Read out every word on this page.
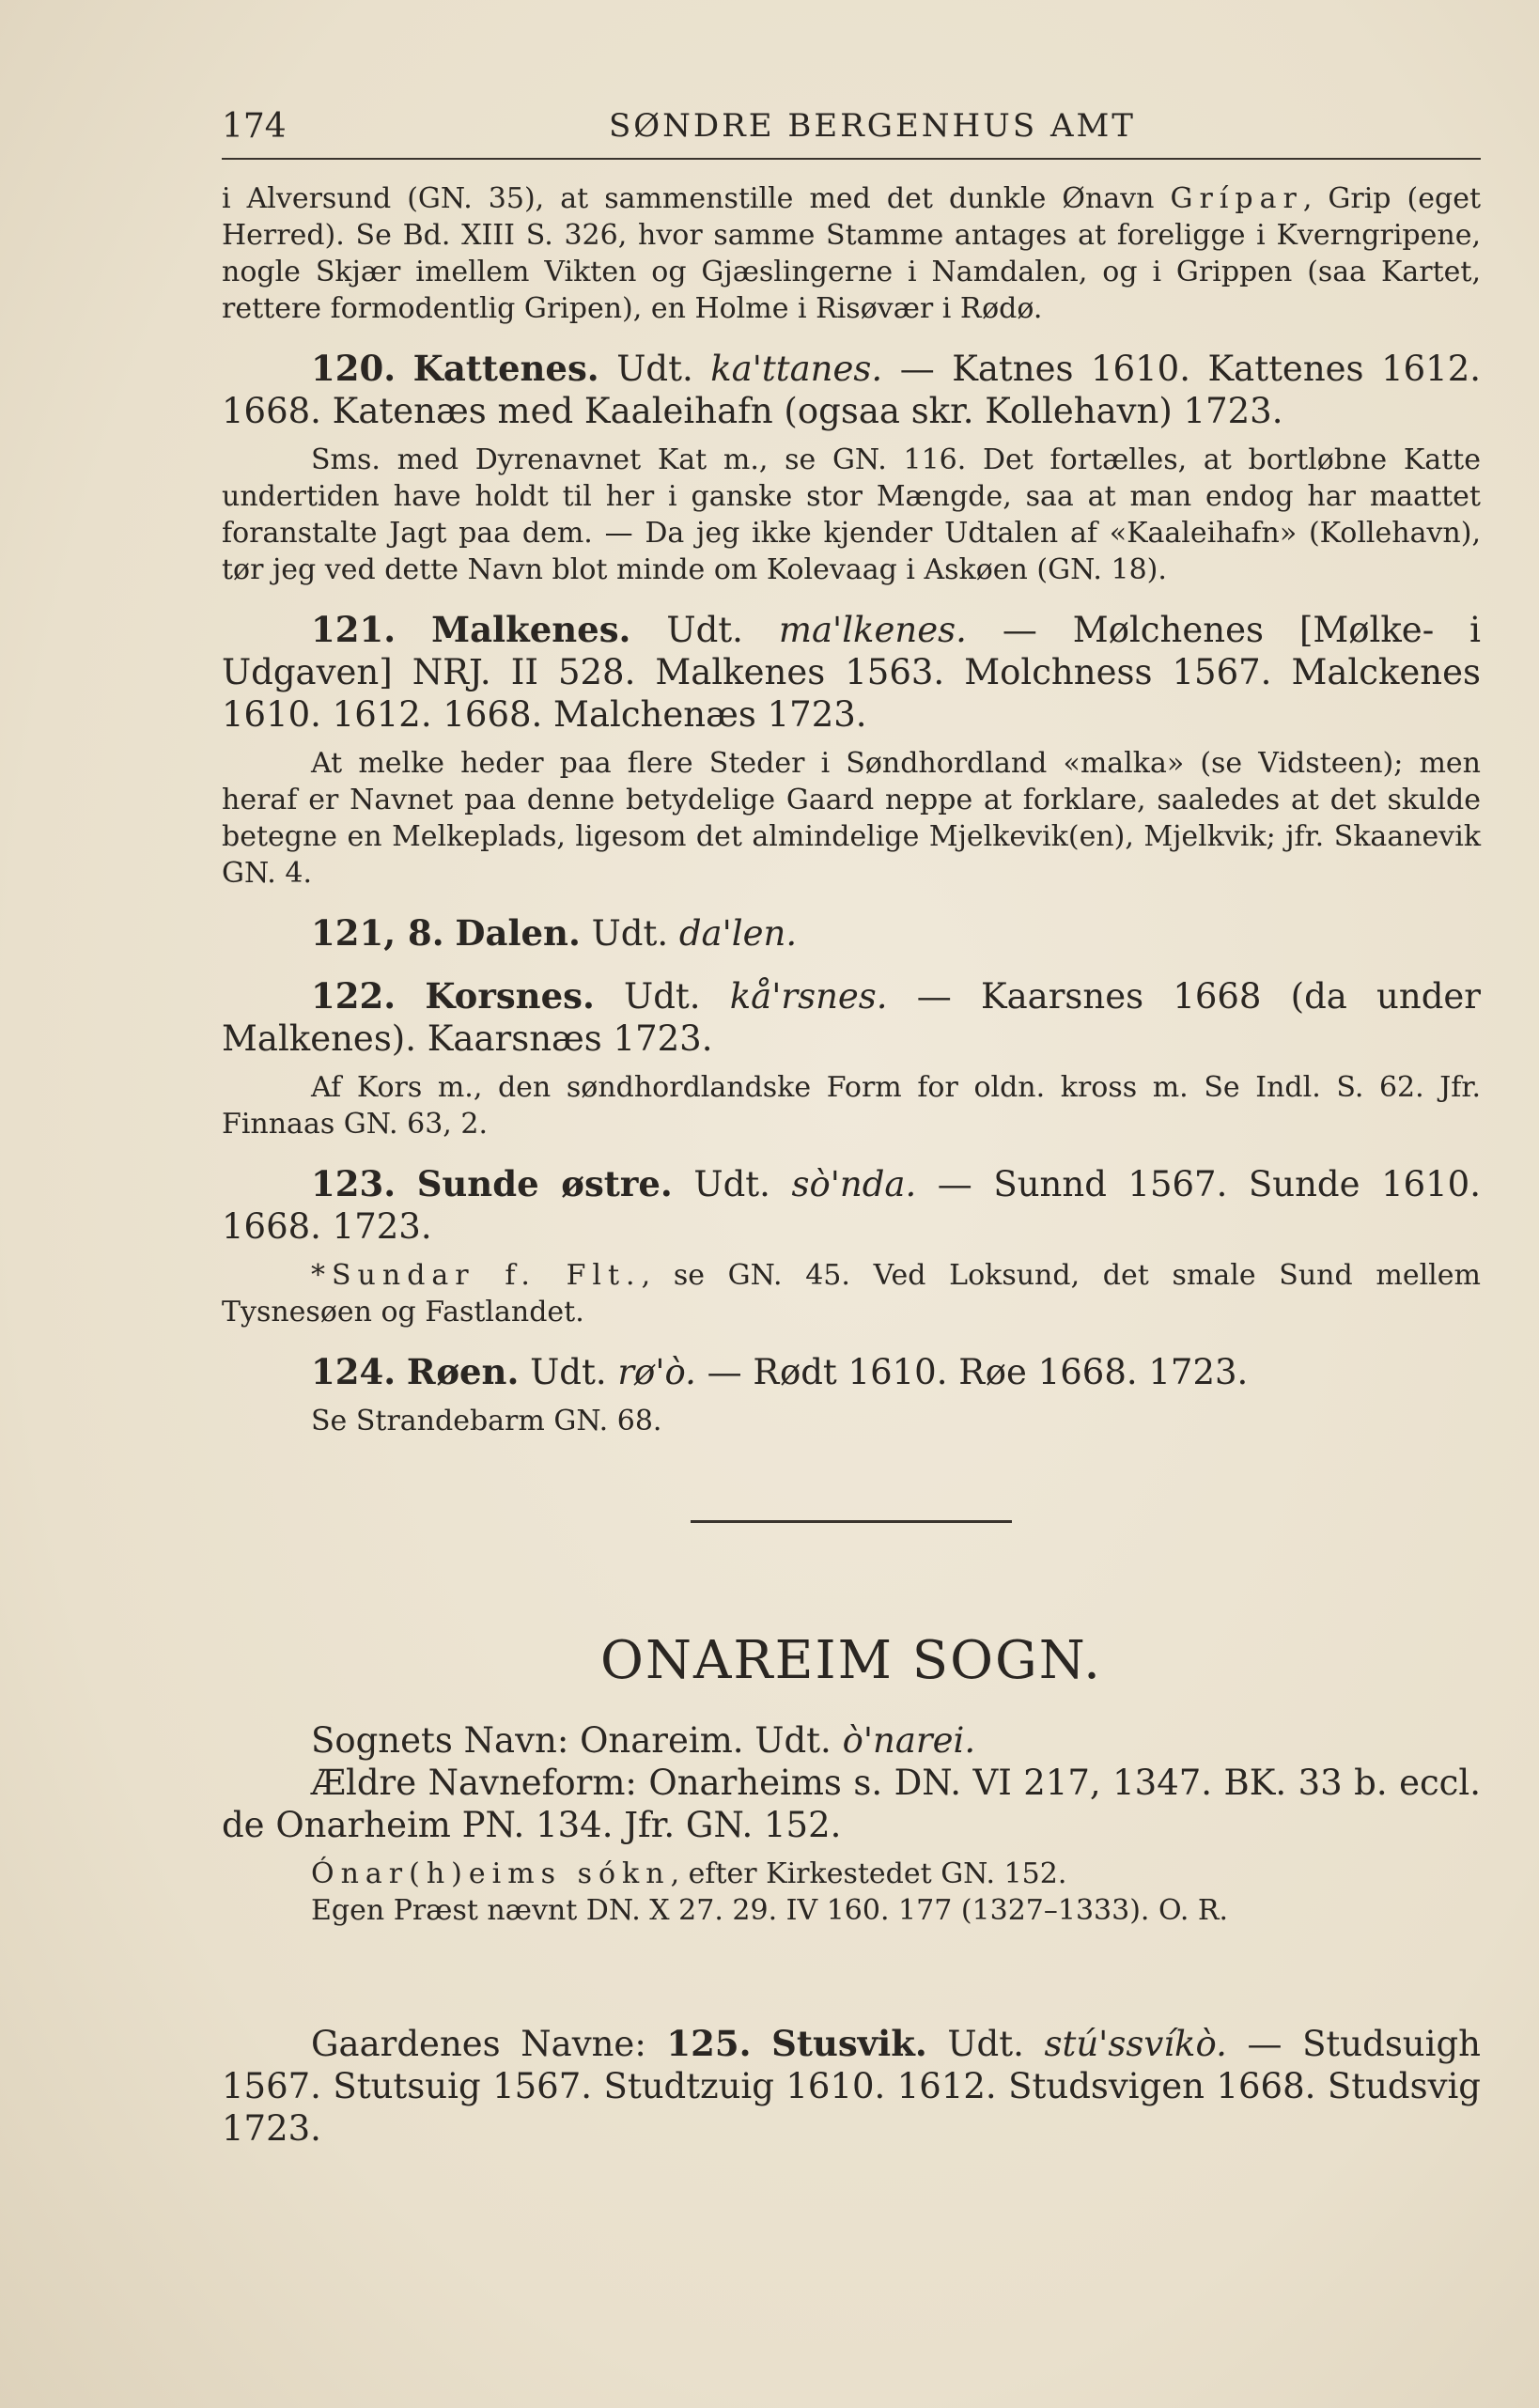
174	SØNDRE BERGENHUS AMT

i Alversund (GN. 35), at sammenstille med det dunkle Ønavn Grípar, Grip (eget Herred). Se Bd. XIII S. 326, hvor samme Stamme antages at foreligge i Kverngripene, nogle Skjær imellem Vikten og Gjæslingerne i Namdalen, og i Grippen (saa Kartet, rettere formodentlig Gripen), en Holme i Risøvær i Rødø.

120. Kattenes. Udt. ka'ttanes. — Katnes 1610. Kattenes 1612. 1668. Katenæs med Kaaleihafn (ogsaa skr. Kollehavn) 1723.

Sms. med Dyrenavnet Kat m., se GN. 116. Det fortælles, at bortløbne Katte undertiden have holdt til her i ganske stor Mængde, saa at man endog har maattet foranstalte Jagt paa dem. — Da jeg ikke kjender Udtalen af «Kaaleihafn» (Kollehavn), tør jeg ved dette Navn blot minde om Kolevaag i Askøen (GN. 18).

121. Malkenes. Udt. ma'lkenes. — Mølchenes [Mølke- i Udgaven] NRJ. II 528. Malkenes 1563. Molchness 1567. Malckenes 1610. 1612. 1668. Malchenæs 1723.

At melke heder paa flere Steder i Søndhordland «malka» (se Vidsteen); men heraf er Navnet paa denne betydelige Gaard neppe at forklare, saaledes at det skulde betegne en Melkeplads, ligesom det almindelige Mjelkevik(en), Mjelkvik; jfr. Skaanevik GN. 4.

121, 8. Dalen. Udt. da'len.

122. Korsnes. Udt. kå'rsnes. — Kaarsnes 1668 (da under Malkenes). Kaarsnæs 1723.

Af Kors m., den søndhordlandske Form for oldn. kross m. Se Indl. S. 62. Jfr. Finnaas GN. 63, 2.

123. Sunde østre. Udt. sò'nda. — Sunnd 1567. Sunde 1610. 1668. 1723.

*Sundar f. Flt., se GN. 45. Ved Loksund, det smale Sund mellem Tysnesøen og Fastlandet.

124. Røen. Udt. rø'ò. — Rødt 1610. Røe 1668. 1723.

Se Strandebarm GN. 68.

ONAREIM SOGN.

Sognets Navn: Onareim. Udt. ò'narei.

Ældre Navneform: Onarheims s. DN. VI 217, 1347. BK. 33 b. eccl. de Onarheim PN. 134. Jfr. GN. 152.

Ónar(h)eims sókn, efter Kirkestedet GN. 152.

Egen Præst nævnt DN. X 27. 29. IV 160. 177 (1327–1333). O. R.

Gaardenes Navne: 125. Stusvik. Udt. stú'ssvíkò. — Studsuigh 1567. Stutsuig 1567. Studtzuig 1610. 1612. Studsvigen 1668. Studsvig 1723.
